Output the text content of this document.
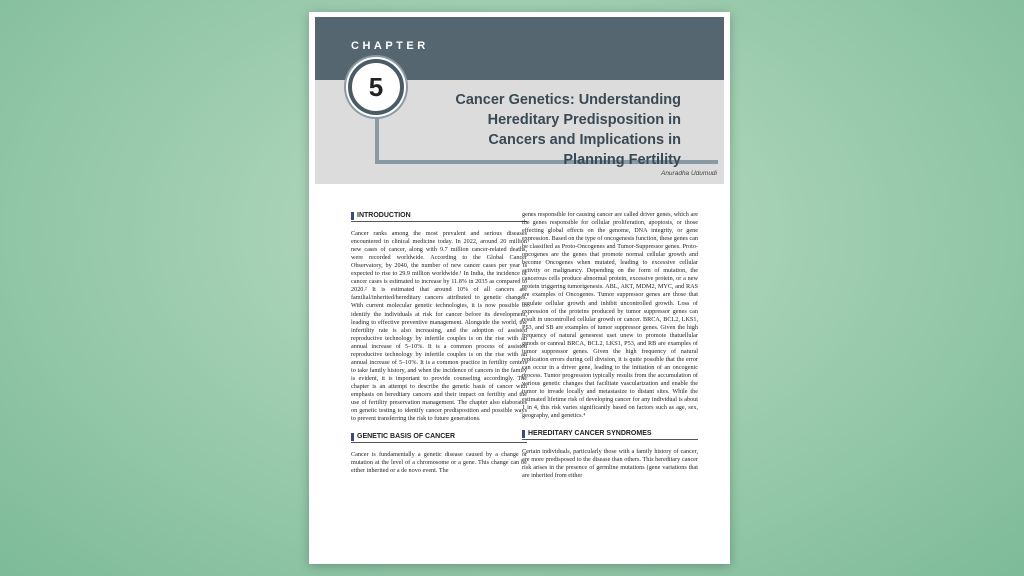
CHAPTER
5	Cancer Genetics: Understanding Hereditary Predisposition in Cancers and Implications in Planning Fertility
Anuradha Udumudi
INTRODUCTION

Cancer ranks among the most prevalent and serious diseases encountered in clinical medicine today. In 2022, around 20 million new cases of cancer, along with 9.7 million cancer-related deaths, were recorded worldwide. According to the Global Cancer Observatory, by 2040, the number of new cancer cases per year is expected to rise to 29.9 million worldwide.¹ In India, the incidence of cancer cases is estimated to increase by 11.8% in 2035 as compared to 2020.² It is estimated that around 10% of all cancers are familial/inherited/hereditary cancers attributed to genetic changes. With current molecular genetic technologies, it is now possible to identify the individuals at risk for cancer before its development, leading to effective preventive management. Alongside the world, the infertility rate is also increasing, and the adoption of assisted reproductive technology by infertile couples is on the rise with an annual increase of 5–10%. It is a common process of assisted reproductive technology by infertile couples is on the rise with an annual increase of 5–10%. It is a common practice in fertility centers to take family history, and when the incidence of cancers in the family is evident, it is important to provide counseling accordingly. The chapter is an attempt to describe the genetic basis of cancer with emphasis on hereditary cancers and their impact on fertility and the use of fertility preservation management. The chapter also elaborates on genetic testing to identify cancer predisposition and possible ways to prevent transferring the risk to future generations.

GENETIC BASIS OF CANCER

Cancer is fundamentally a genetic disease caused by a change or mutation at the level of a chromosome or a gene. This change can be either inherited or a de novo event. The

genes responsible for causing cancer are called driver genes, which are the genes responsible for cellular proliferation, apoptosis, or those effecting global effects on the genome, DNA integrity, or gene expression. Based on the type of oncogenesis function, these genes can be classified as Proto-Oncogenes and Tumor-Suppressor genes. Proto-oncogenes are the genes that promote normal cellular growth and become Oncogenes when mutated, leading to excessive cellular activity or malignancy. Depending on the form of mutation, the cancerous cells produce abnormal protein, excessive protein, or a new protein triggering tumorigenesis. ABL, AKT, MDM2, MYC, and RAS are examples of Oncogenes. Tumor suppressor genes are those that regulate cellular growth and inhibit uncontrolled growth. Loss of expression of the proteins produced by tumor suppressor genes can result in uncontrolled cellular growth or cancer. BRCA, BCL2, LKS1, P53, and SB are examples of tumor suppressor genes. Given the high frequency of natural genesrest uset unew to promote thatuellular gmods or canreal BRCA, BCL2, LKS1, P53, and RB are examples of tumor suppressor genes. Given the high frequency of natural replication errors during cell division, it is quite possible that the error can occur in a driver gene, leading to the initiation of an oncogenic process. Tumor progression typically results from the accumulation of various genetic changes that facilitate vascularization and enable the tumor to invade locally and metastasize to distant sites. While the estimated lifetime risk of developing cancer for any individual is about 1 in 4, this risk varies significantly based on factors such as age, sex, geography, and genetics.⁴

HEREDITARY CANCER SYNDROMES

Certain individuals, particularly those with a family history of cancer, are more predisposed to the disease than others. This hereditary cancer risk arises in the presence of germline mutations (gene variations that are inherited from either
